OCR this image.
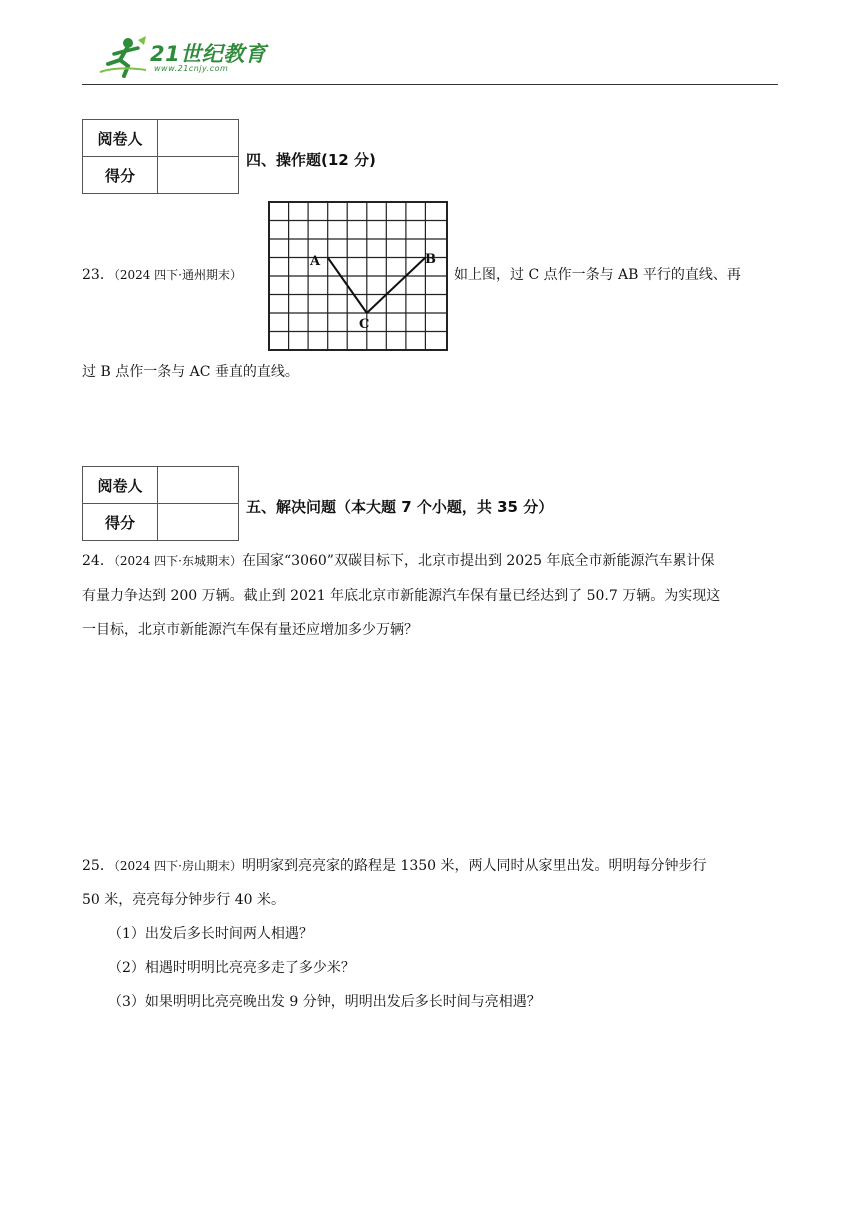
21世纪教育
www.21cnjy.com
阅卷人	
得分	
四、操作题(12 分)
23．（2024 四下·通州期末）
A	B
C
如上图，过 C 点作一条与 AB 平行的直线、再
过 B 点作一条与 AC 垂直的直线。
阅卷人	
得分	
五、解决问题（本大题 7 个小题，共 35 分）
24．（2024 四下·东城期末）在国家“3060”双碳目标下，北京市提出到 2025 年底全市新能源汽车累计保
有量力争达到 200 万辆。截止到 2021 年底北京市新能源汽车保有量已经达到了 50.7 万辆。为实现这
一目标，北京市新能源汽车保有量还应增加多少万辆？
25．（2024 四下·房山期末）明明家到亮亮家的路程是 1350 米，两人同时从家里出发。明明每分钟步行
50 米，亮亮每分钟步行 40 米。
（1）出发后多长时间两人相遇？
（2）相遇时明明比亮亮多走了多少米？
（3）如果明明比亮亮晚出发 9 分钟，明明出发后多长时间与亮相遇？
